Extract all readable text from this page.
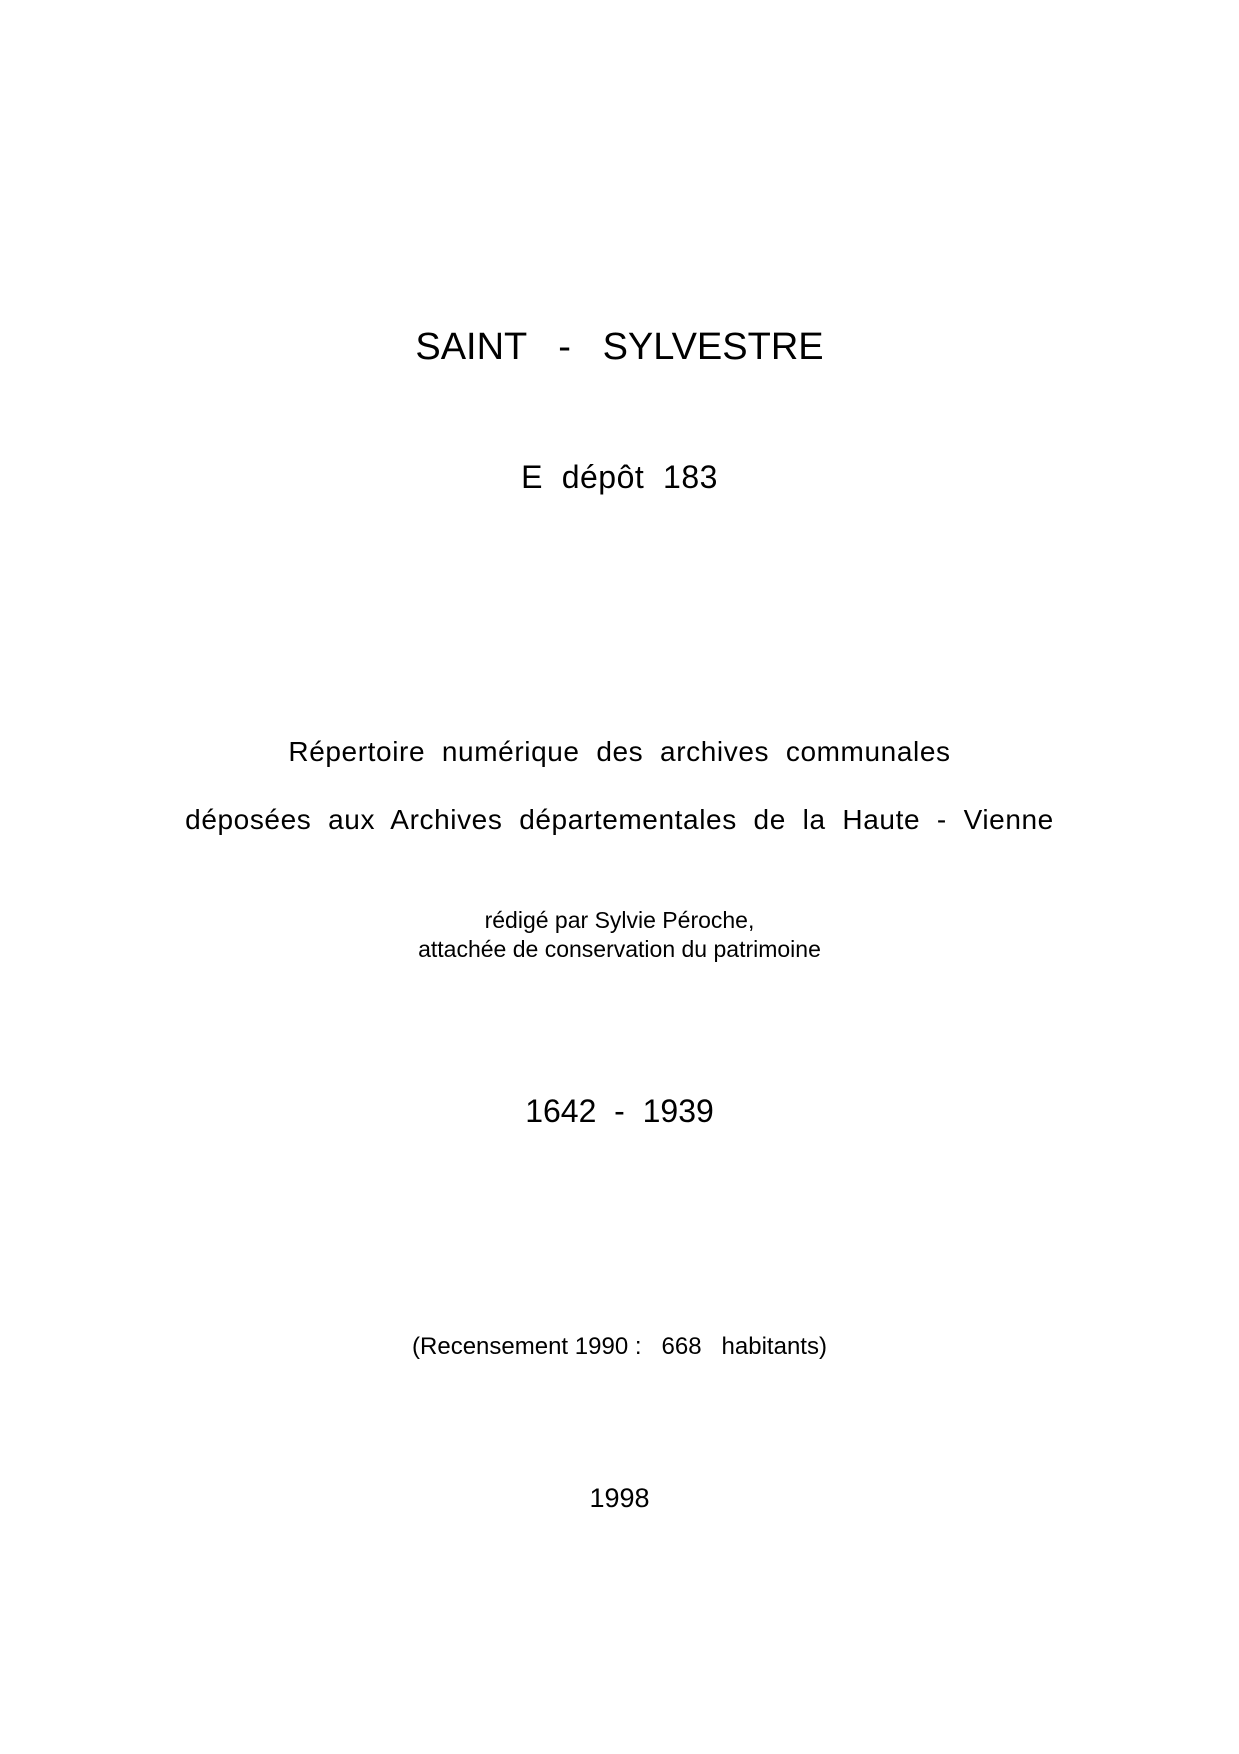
SAINT   -   SYLVESTRE
E  dépôt  183
Répertoire  numérique  des  archives  communales
déposées  aux  Archives  départementales  de  la  Haute  -  Vienne
rédigé par Sylvie Péroche,
attachée de conservation du patrimoine
1642  -  1939
(Recensement 1990 :   668   habitants)
1998
